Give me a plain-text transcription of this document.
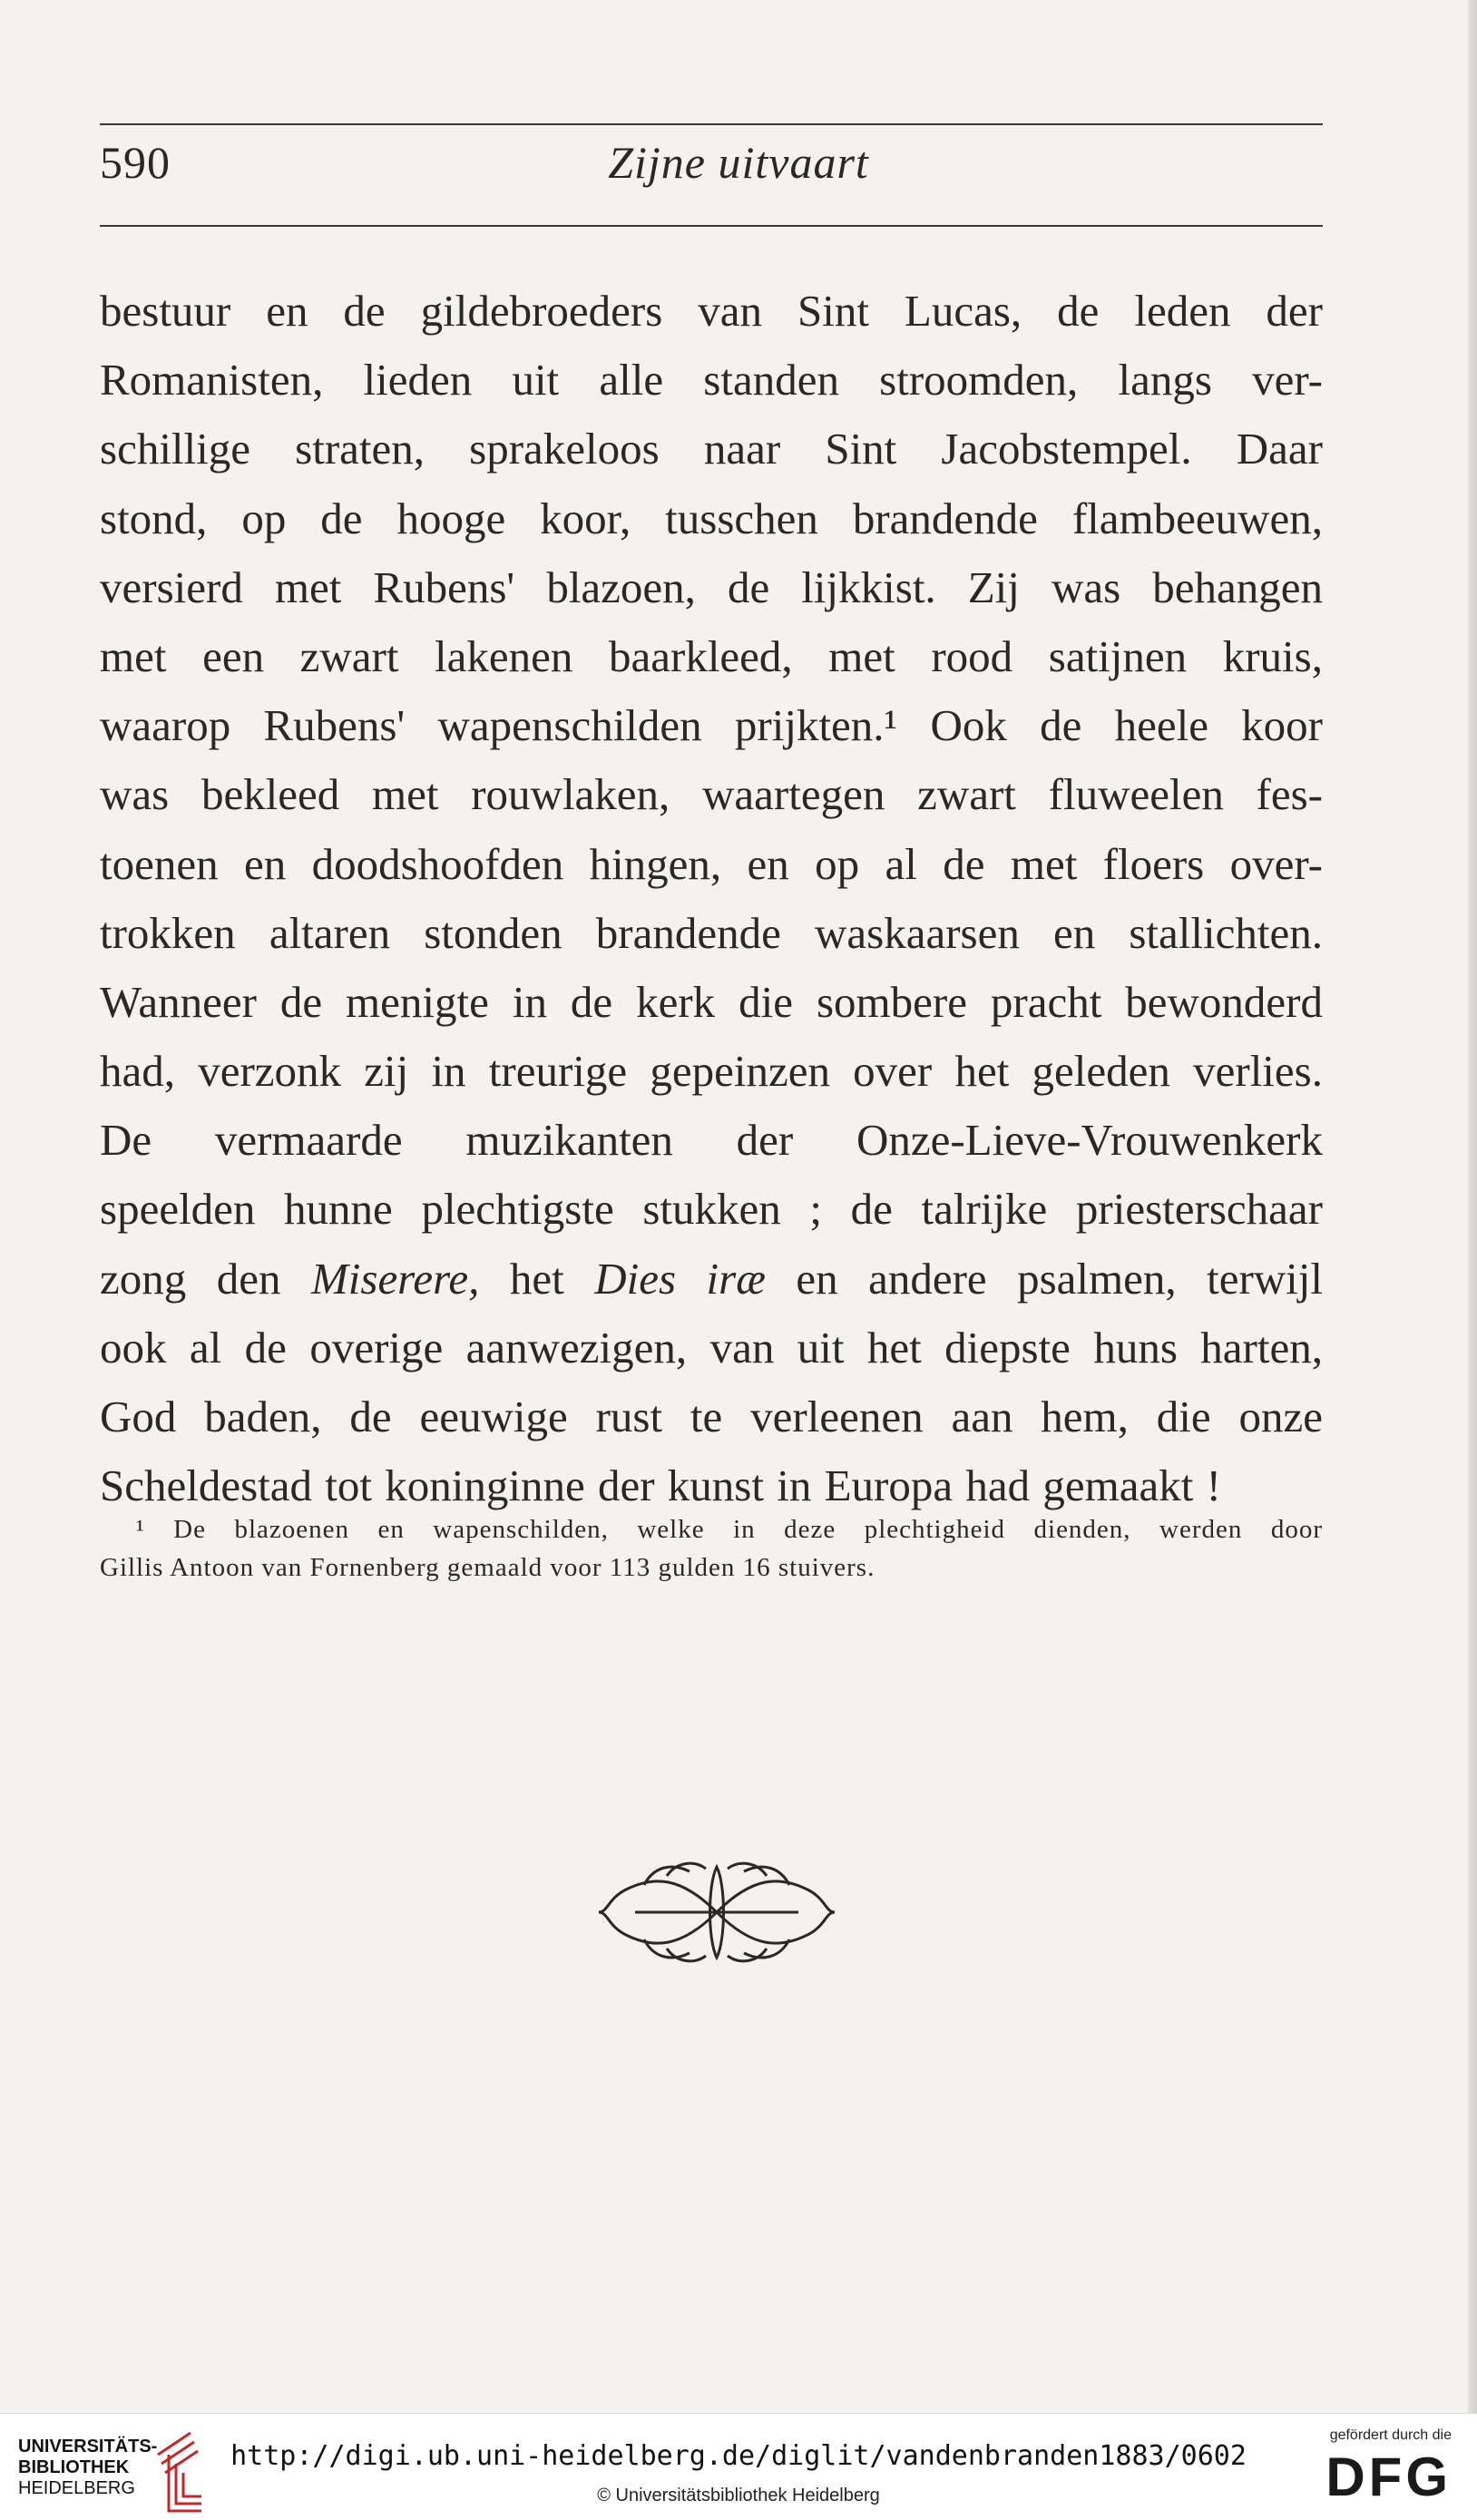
590	Zijne uitvaart
bestuur en de gildebroeders van Sint Lucas, de leden der
Romanisten, lieden uit alle standen stroomden, langs ver-
schillige straten, sprakeloos naar Sint Jacobstempel. Daar
stond, op de hooge koor, tusschen brandende flambeeuwen,
versierd met Rubens' blazoen, de lijkkist. Zij was behangen
met een zwart lakenen baarkleed, met rood satijnen kruis,
waarop Rubens' wapenschilden prijkten.¹ Ook de heele koor
was bekleed met rouwlaken, waartegen zwart fluweelen fes-
toenen en doodshoofden hingen, en op al de met floers over-
trokken altaren stonden brandende waskaarsen en stallichten.
Wanneer de menigte in de kerk die sombere pracht bewonderd
had, verzonk zij in treurige gepeinzen over het geleden verlies.
De vermaarde muzikanten der Onze-Lieve-Vrouwenkerk
speelden hunne plechtigste stukken ; de talrijke priesterschaar
zong den Miserere, het Dies iræ en andere psalmen, terwijl
ook al de overige aanwezigen, van uit het diepste huns harten,
God baden, de eeuwige rust te verleenen aan hem, die onze
Scheldestad tot koninginne der kunst in Europa had gemaakt !
¹ De blazoenen en wapenschilden, welke in deze plechtigheid dienden, werden door
Gillis Antoon van Fornenberg gemaald voor 113 gulden 16 stuivers.
UNIVERSITÄTS-
BIBLIOTHEK
HEIDELBERG
http://digi.ub.uni-heidelberg.de/diglit/vandenbranden1883/0602
© Universitätsbibliothek Heidelberg
gefördert durch die
DFG
